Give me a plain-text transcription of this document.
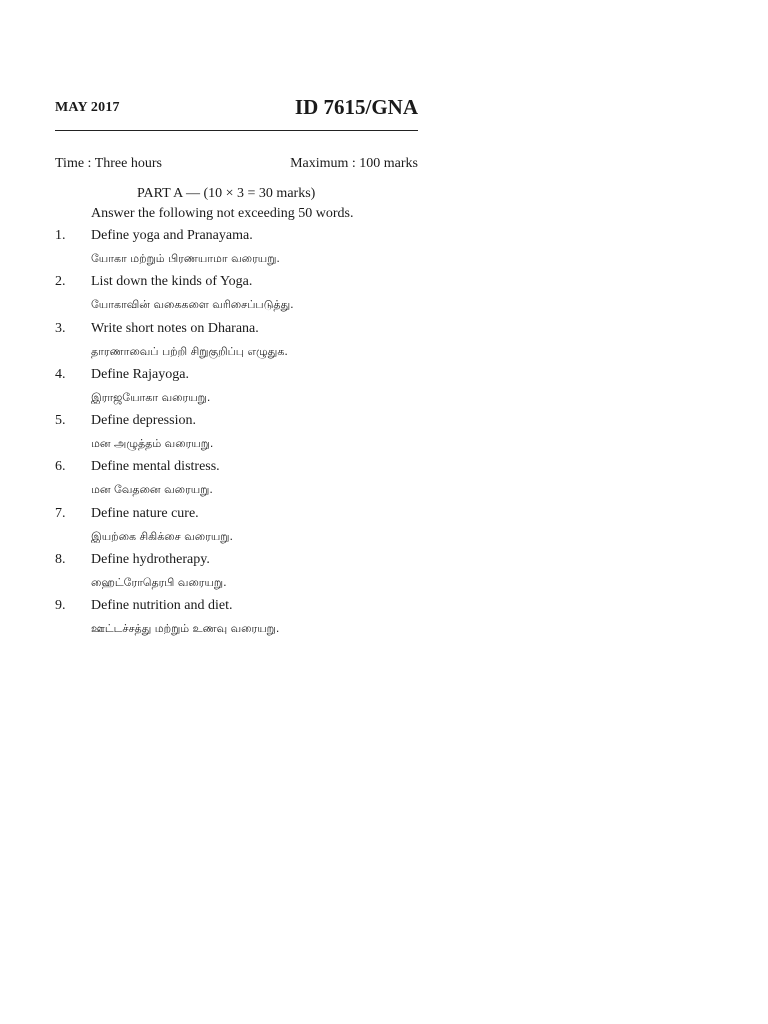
MAY 2017	ID 7615/GNA
Time : Three hours	Maximum : 100 marks
PART A — (10 × 3 = 30 marks)
Answer the following not exceeding 50 words.
1. Define yoga and Pranayama.
யோகா மற்றும் பிரணயாமா வரையறு.
2. List down the kinds of Yoga.
யோகாவின் வகைகளை வரிசைப்படுத்து.
3. Write short notes on Dharana.
தாரணாவைப் பற்றி சிறுகுறிப்பு எழுதுக.
4. Define Rajayoga.
இராஜயோகா வரையறு.
5. Define depression.
மன அழுத்தம் வரையறு.
6. Define mental distress.
மன வேதனை வரையறு.
7. Define nature cure.
இயற்கை சிகிக்சை வரையறு.
8. Define hydrotherapy.
ஹைட்ரோதெரபி வரையறு.
9. Define nutrition and diet.
ஊட்டச்சத்து மற்றும் உணவு வரையறு.
